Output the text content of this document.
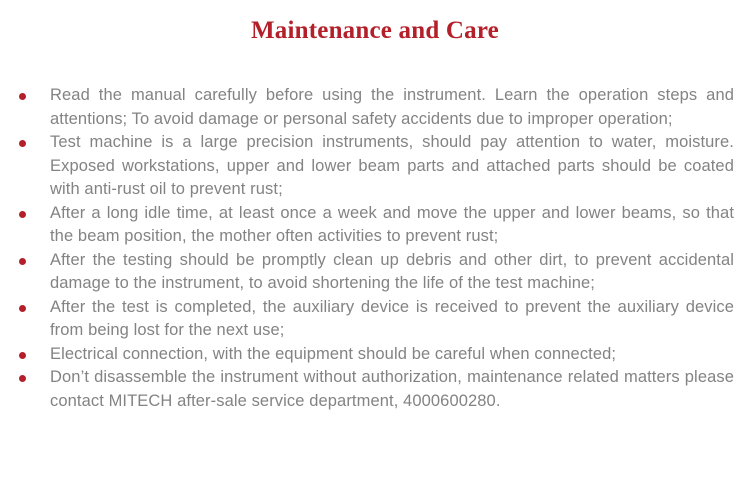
Maintenance and Care

Read the manual carefully before using the instrument. Learn the operation steps and attentions; To avoid damage or personal safety accidents due to improper operation;

Test machine is a large precision instruments, should pay attention to water, moisture. Exposed workstations, upper and lower beam parts and attached parts should be coated with anti-rust oil to prevent rust;

After a long idle time, at least once a week and move the upper and lower beams, so that the beam position, the mother often activities to prevent rust;

After the testing should be promptly clean up debris and other dirt, to prevent accidental damage to the instrument, to avoid shortening the life of the test machine;

After the test is completed, the auxiliary device is received to prevent the auxiliary device from being lost for the next use;

Electrical connection, with the equipment should be careful when connected;

Don’t disassemble the instrument without authorization, maintenance related matters please contact MITECH after-sale service department, 4000600280.
